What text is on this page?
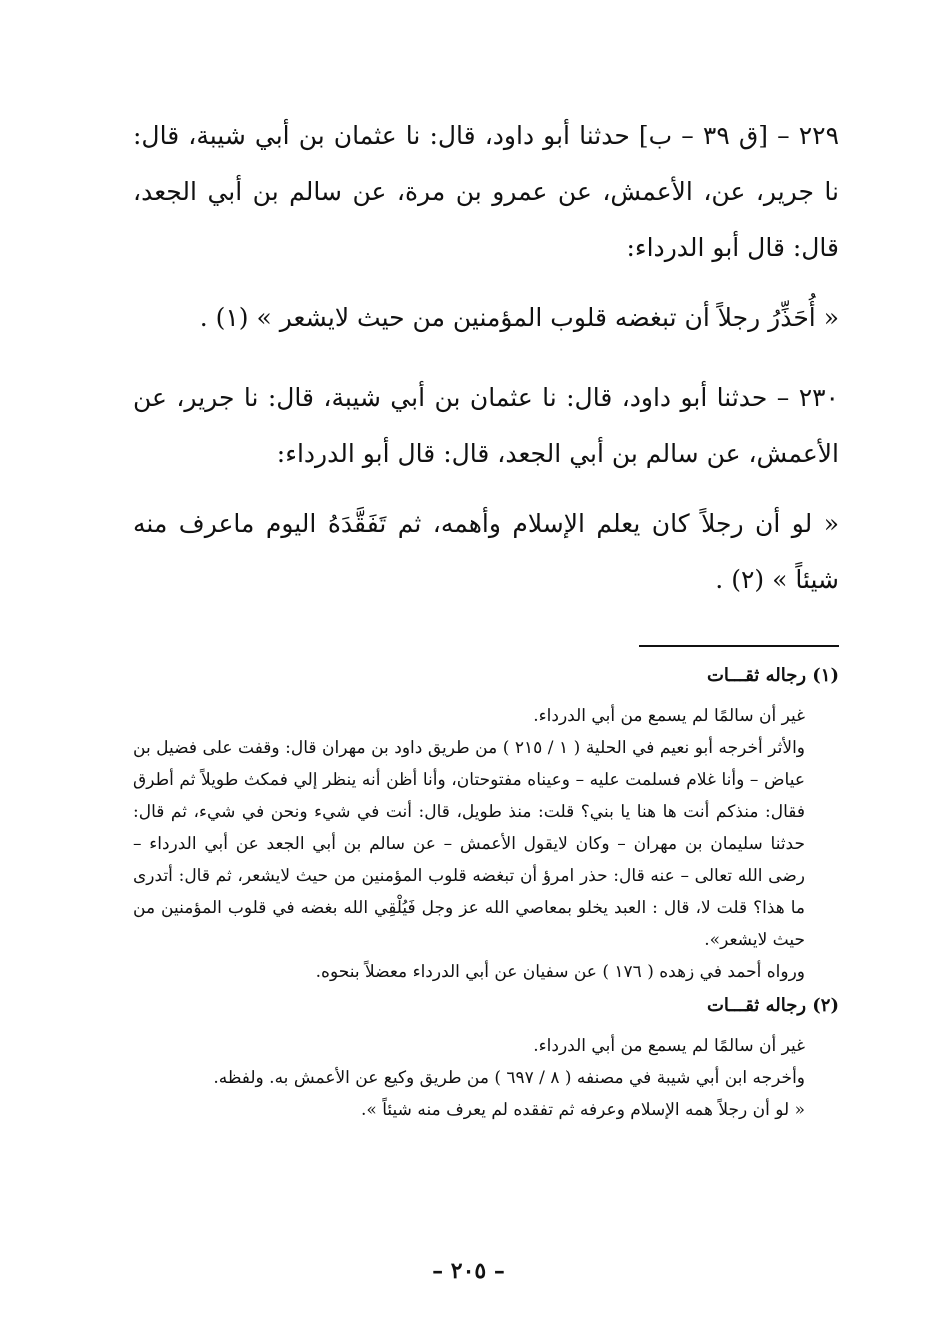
٢٢٩ – [ق ٣٩ – ب] حدثنا أبو داود، قال: نا عثمان بن أبي شيبة، قال: نا جرير، عن، الأعمش، عن عمرو بن مرة، عن سالم بن أبي الجعد، قال: قال أبو الدرداء:

« أُحَذِّرُ رجلاً أن تبغضه قلوب المؤمنين من حيث لايشعر » (١) .

٢٣٠ – حدثنا أبو داود، قال: نا عثمان بن أبي شيبة، قال: نا جرير، عن الأعمش، عن سالم بن أبي الجعد، قال: قال أبو الدرداء:

« لو أن رجلاً كان يعلم الإسلام وأهمه، ثم تَفَقَّدَهُ اليوم ماعرف منه شيئاً » (٢) .

(١) رجاله ثقـــات

غير أن سالمًا لم يسمع من أبي الدرداء.

والأثر أخرجه أبو نعيم في الحلية ( ١ / ٢١٥ ) من طريق داود بن مهران قال: وقفت على فضيل بن عياض – وأنا غلام فسلمت عليه – وعيناه مفتوحتان، وأنا أظن أنه ينظر إلي فمكث طويلاً ثم أطرق فقال: منذكم أنت ها هنا يا بني؟ قلت: منذ طويل، قال: أنت في شيء ونحن في شيء، ثم قال: حدثنا سليمان بن مهران – وكان لايقول الأعمش – عن سالم بن أبي الجعد عن أبي الدرداء – رضى الله تعالى – عنه قال: حذر امرؤ أن تبغضه قلوب المؤمنين من حيث لايشعر، ثم قال: أتدرى ما هذا؟ قلت لا، قال : العبد يخلو بمعاصي الله عز وجل فَيُلْقِي الله بغضه في قلوب المؤمنين من حيث لايشعر».

ورواه أحمد في زهده ( ١٧٦ ) عن سفيان عن أبي الدرداء معضلاً بنحوه.

(٢) رجاله ثقـــات

غير أن سالمًا لم يسمع من أبي الدرداء.

وأخرجه ابن أبي شيبة في مصنفه ( ٨ / ٦٩٧ ) من طريق وكيع عن الأعمش به. ولفظه.

« لو أن رجلاً همه الإسلام وعرفه ثم تفقده لم يعرف منه شيئاً ».

– ٢٠٥ –
